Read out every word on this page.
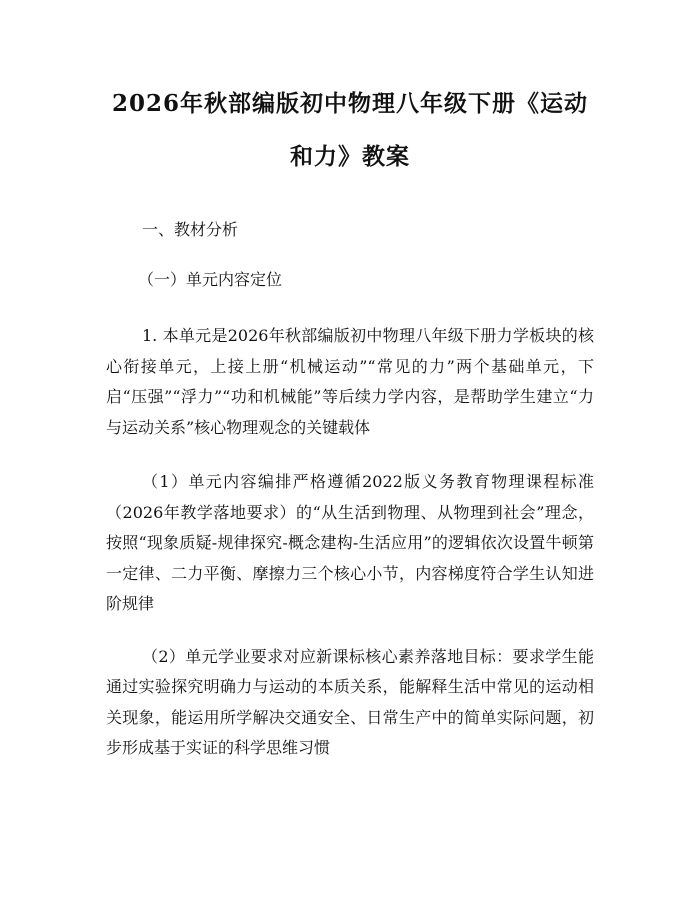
2026年秋部编版初中物理八年级下册《运动和力》教案

一、教材分析

（一）单元内容定位

1. 本单元是2026年秋部编版初中物理八年级下册力学板块的核心衔接单元，上接上册“机械运动”“常见的力”两个基础单元，下启“压强”“浮力”“功和机械能”等后续力学内容，是帮助学生建立“力与运动关系”核心物理观念的关键载体

（1）单元内容编排严格遵循2022版义务教育物理课程标准（2026年教学落地要求）的“从生活到物理、从物理到社会”理念，按照“现象质疑-规律探究-概念建构-生活应用”的逻辑依次设置牛顿第一定律、二力平衡、摩擦力三个核心小节，内容梯度符合学生认知进阶规律

（2）单元学业要求对应新课标核心素养落地目标：要求学生能通过实验探究明确力与运动的本质关系，能解释生活中常见的运动相关现象，能运用所学解决交通安全、日常生产中的简单实际问题，初步形成基于实证的科学思维习惯
